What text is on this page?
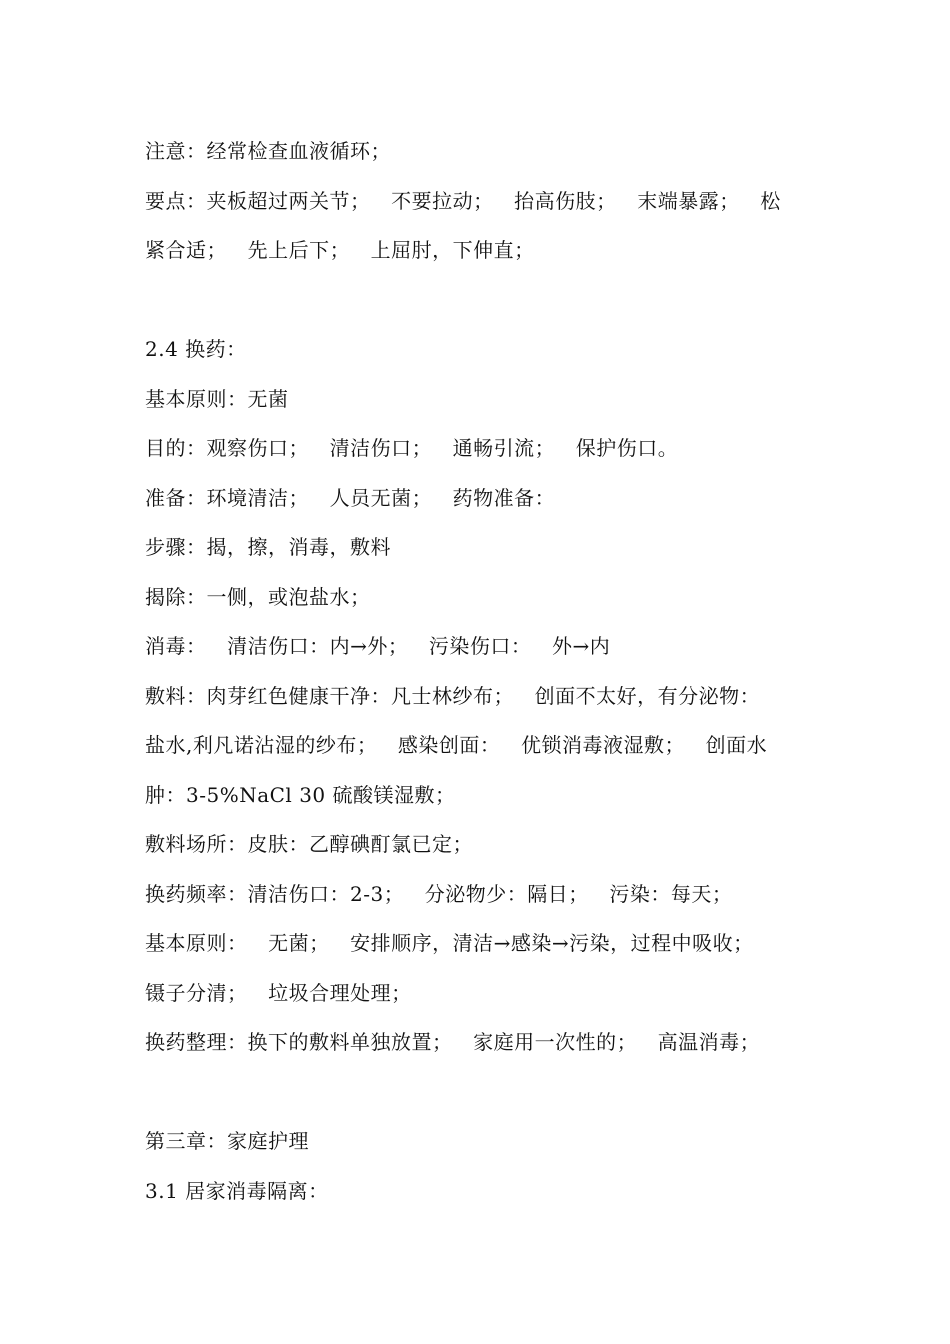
注意：经常检查血液循环；

要点：夹板超过两关节；   不要拉动；   抬高伤肢；   末端暴露；   松

紧合适；   先上后下；   上屈肘，下伸直；

2.4 换药：

基本原则：无菌

目的：观察伤口；   清洁伤口；   通畅引流；   保护伤口。

准备：环境清洁；   人员无菌；   药物准备：

步骤：揭，擦，消毒，敷料

揭除：一侧，或泡盐水；

消毒：   清洁伤口：内→外；   污染伤口：   外→内

敷料：肉芽红色健康干净：凡士林纱布；   创面不太好，有分泌物：

盐水,利凡诺沾湿的纱布；   感染创面：   优锁消毒液湿敷；   创面水

肿：3-5%NaCl 30 硫酸镁湿敷；

敷料场所：皮肤：乙醇碘酊氯已定；

换药频率：清洁伤口：2-3；   分泌物少：隔日；   污染：每天；

基本原则：   无菌；   安排顺序，清洁→感染→污染，过程中吸收；

镊子分清；   垃圾合理处理；

换药整理：换下的敷料单独放置；   家庭用一次性的；   高温消毒；

第三章：家庭护理

3.1 居家消毒隔离：
